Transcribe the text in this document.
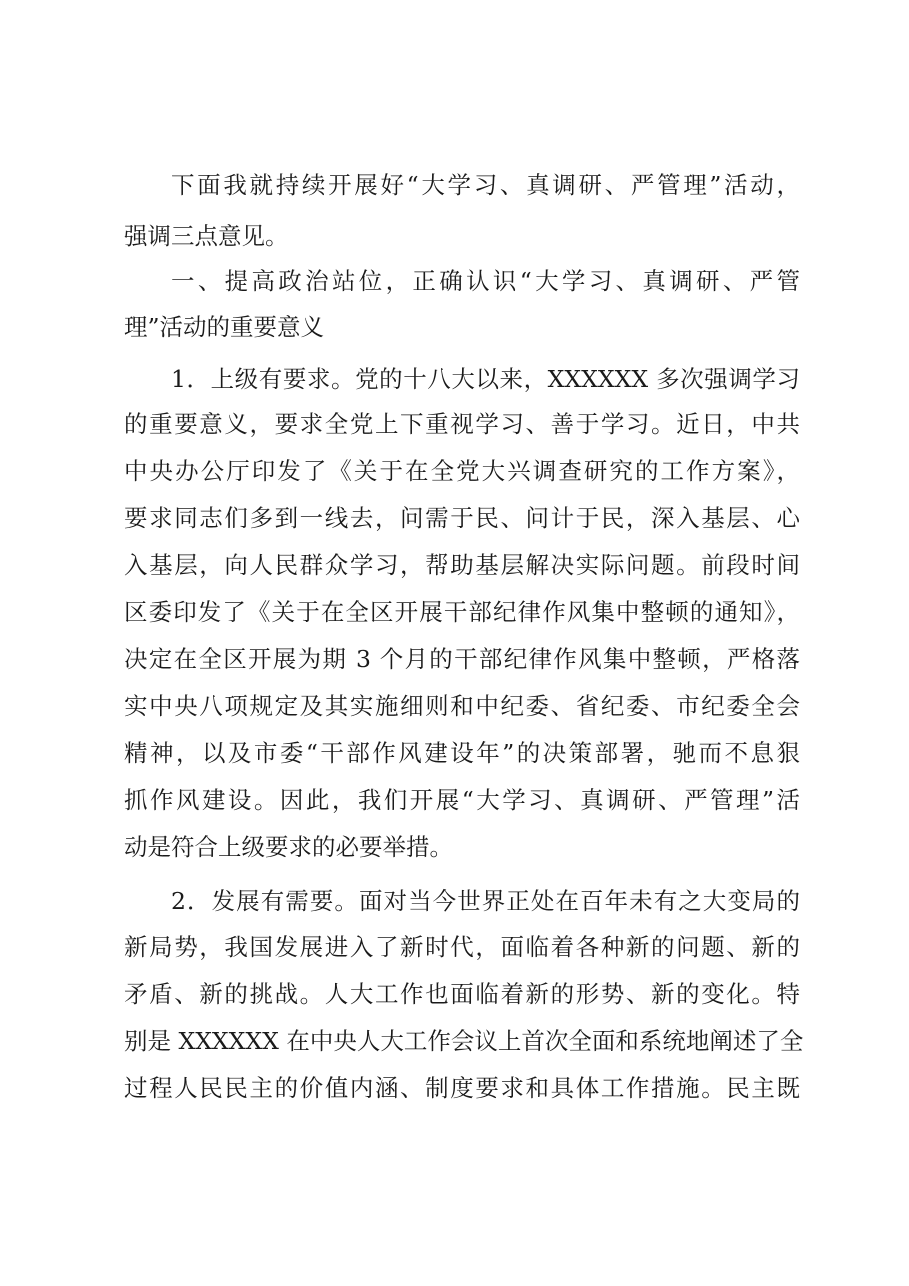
下面我就持续开展好“大学习、真调研、严管理”活动，
强调三点意见。
一、提高政治站位，正确认识“大学习、真调研、严管
理”活动的重要意义
1．上级有要求。党的十八大以来，XXXXXX 多次强调学习
的重要意义，要求全党上下重视学习、善于学习。近日，中共
中央办公厅印发了《关于在全党大兴调查研究的工作方案》，
要求同志们多到一线去，问需于民、问计于民，深入基层、心
入基层，向人民群众学习，帮助基层解决实际问题。前段时间
区委印发了《关于在全区开展干部纪律作风集中整顿的通知》，
决定在全区开展为期 3 个月的干部纪律作风集中整顿，严格落
实中央八项规定及其实施细则和中纪委、省纪委、市纪委全会
精神，以及市委“干部作风建设年”的决策部署，驰而不息狠
抓作风建设。因此，我们开展“大学习、真调研、严管理”活
动是符合上级要求的必要举措。
2．发展有需要。面对当今世界正处在百年未有之大变局的
新局势，我国发展进入了新时代，面临着各种新的问题、新的
矛盾、新的挑战。人大工作也面临着新的形势、新的变化。特
别是 XXXXXX 在中央人大工作会议上首次全面和系统地阐述了全
过程人民民主的价值内涵、制度要求和具体工作措施。民主既
